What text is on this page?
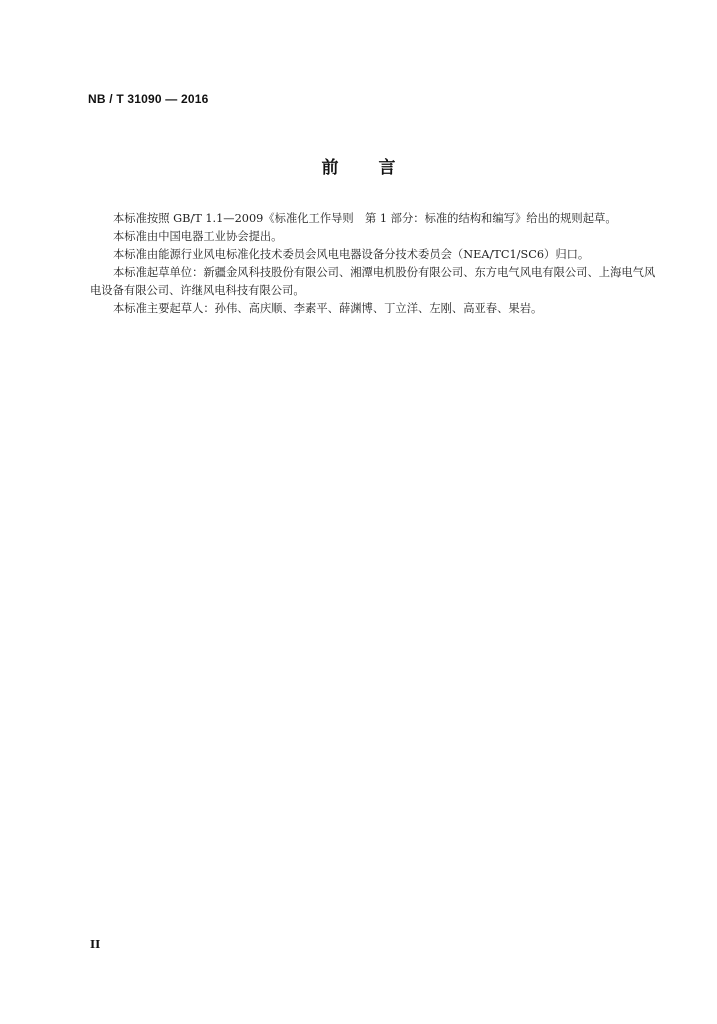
NB / T 31090 — 2016
前言

本标准按照 GB/T 1.1—2009《标准化工作导则　第 1 部分：标准的结构和编写》给出的规则起草。

本标准由中国电器工业协会提出。

本标准由能源行业风电标准化技术委员会风电电器设备分技术委员会（NEA/TC1/SC6）归口。

本标准起草单位：新疆金风科技股份有限公司、湘潭电机股份有限公司、东方电气风电有限公司、上海电气风电设备有限公司、许继风电科技有限公司。

本标准主要起草人：孙伟、高庆顺、李素平、薛渊博、丁立洋、左刚、高亚春、果岩。

II
